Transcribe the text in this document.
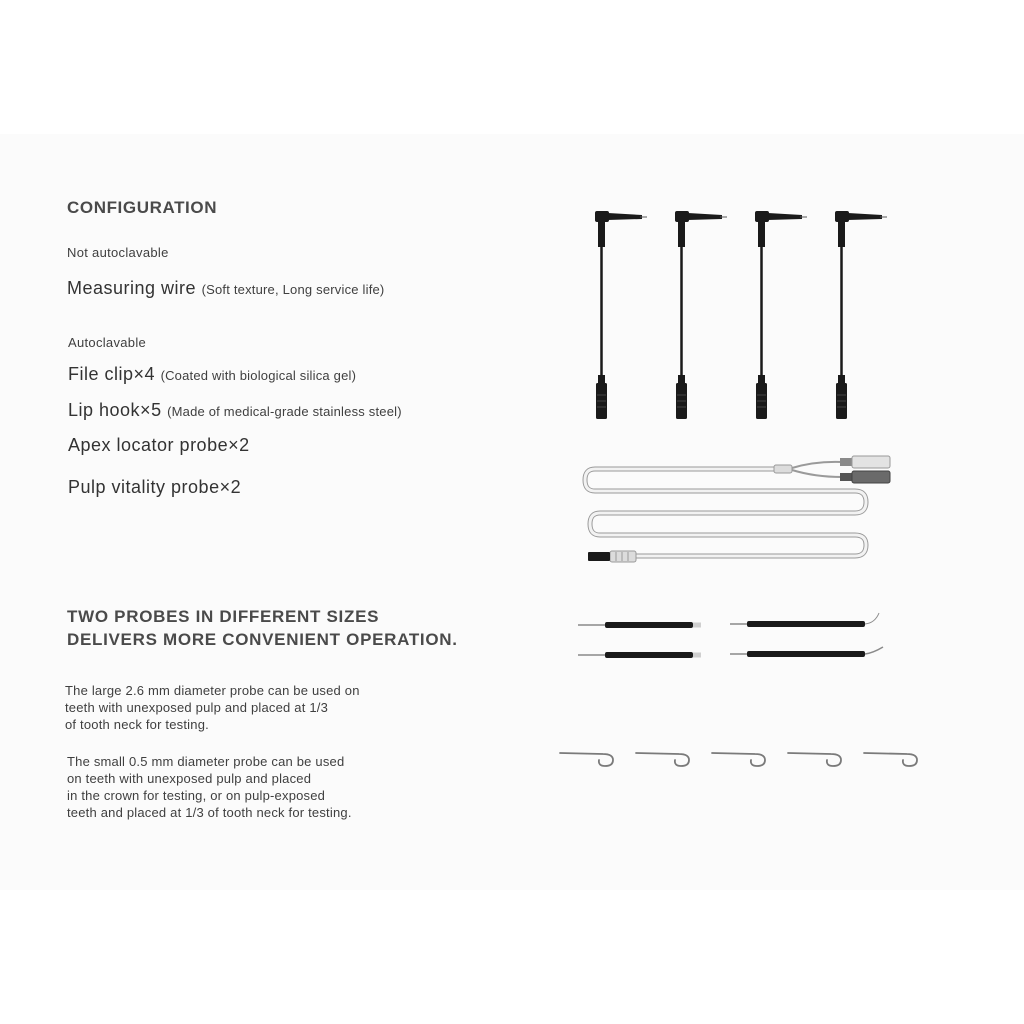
CONFIGURATION
Not autoclavable
Measuring wire (Soft texture, Long service life)
Autoclavable
File clip×4 (Coated with biological silica gel)
Lip hook×5 (Made of medical-grade stainless steel)
Apex locator probe×2
Pulp vitality probe×2
TWO PROBES IN DIFFERENT SIZES
DELIVERS MORE CONVENIENT OPERATION.
The large 2.6 mm diameter probe can be used on
teeth with unexposed pulp and placed at 1/3
of tooth neck for testing.
The small 0.5 mm diameter probe can be used
on teeth with unexposed pulp and placed
in the crown for testing, or on pulp-exposed
teeth and placed at 1/3 of tooth neck for testing.
